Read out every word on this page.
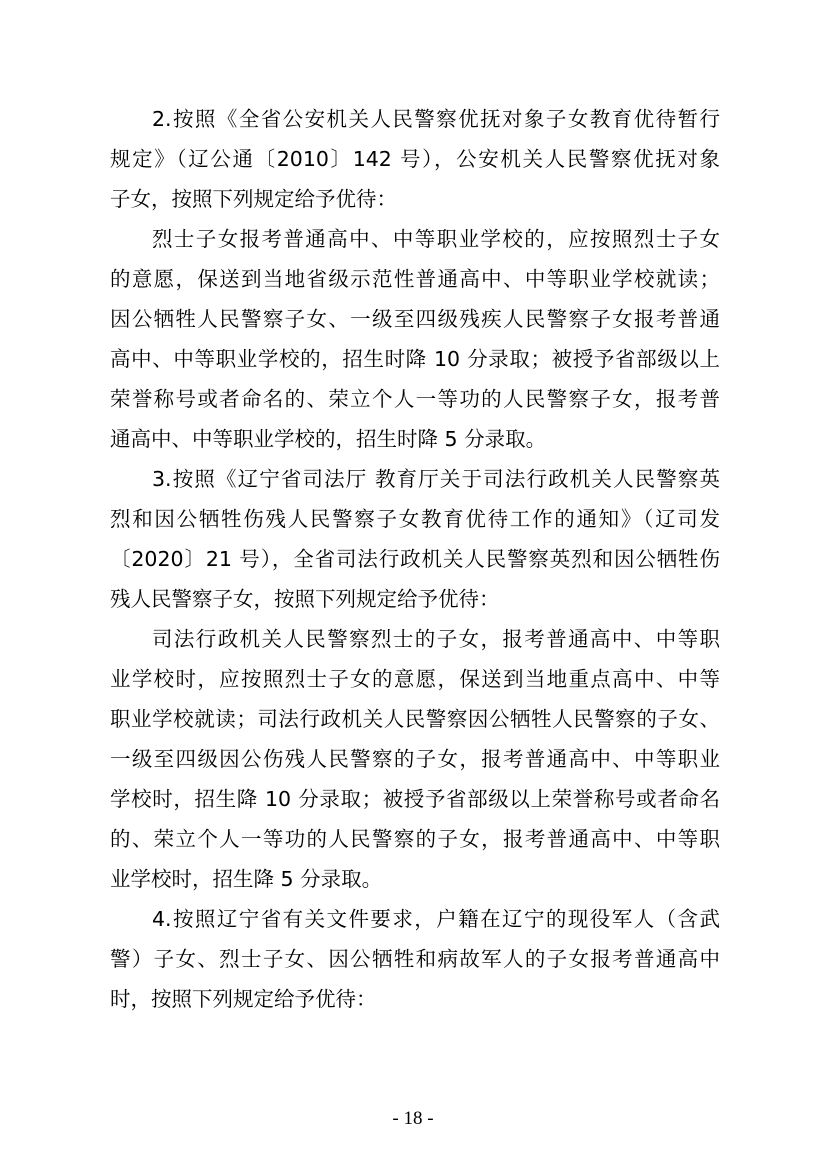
2.按照《全省公安机关人民警察优抚对象子女教育优待暂行
规定》（辽公通〔2010〕142 号），公安机关人民警察优抚对象
子女，按照下列规定给予优待：
烈士子女报考普通高中、中等职业学校的，应按照烈士子女
的意愿，保送到当地省级示范性普通高中、中等职业学校就读；
因公牺牲人民警察子女、一级至四级残疾人民警察子女报考普通
高中、中等职业学校的，招生时降 10 分录取；被授予省部级以上
荣誉称号或者命名的、荣立个人一等功的人民警察子女，报考普
通高中、中等职业学校的，招生时降 5 分录取。
3.按照《辽宁省司法厅 教育厅关于司法行政机关人民警察英
烈和因公牺牲伤残人民警察子女教育优待工作的通知》（辽司发
〔2020〕21 号），全省司法行政机关人民警察英烈和因公牺牲伤
残人民警察子女，按照下列规定给予优待：
司法行政机关人民警察烈士的子女，报考普通高中、中等职
业学校时，应按照烈士子女的意愿，保送到当地重点高中、中等
职业学校就读；司法行政机关人民警察因公牺牲人民警察的子女、
一级至四级因公伤残人民警察的子女，报考普通高中、中等职业
学校时，招生降 10 分录取；被授予省部级以上荣誉称号或者命名
的、荣立个人一等功的人民警察的子女，报考普通高中、中等职
业学校时，招生降 5 分录取。
4.按照辽宁省有关文件要求，户籍在辽宁的现役军人（含武
警）子女、烈士子女、因公牺牲和病故军人的子女报考普通高中
时，按照下列规定给予优待：
- 18 -
